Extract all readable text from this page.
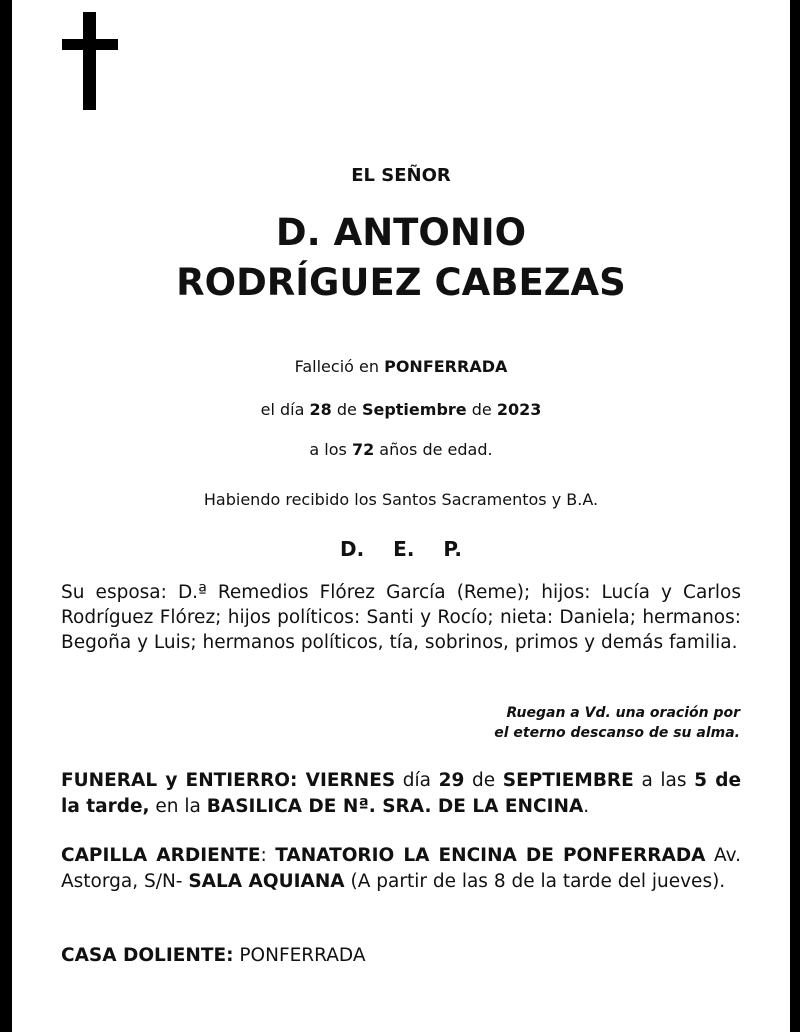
EL SEÑOR
D. ANTONIO
RODRÍGUEZ CABEZAS
Falleció en PONFERRADA
el día 28 de Septiembre de 2023
a los 72 años de edad.
Habiendo recibido los Santos Sacramentos y B.A.
D. E. P.
Su esposa: D.ª Remedios Flórez García (Reme); hijos: Lucía y Carlos Rodríguez Flórez; hijos políticos: Santi y Rocío; nieta: Daniela; hermanos: Begoña y Luis; hermanos políticos, tía, sobrinos, primos y demás familia.
Ruegan a Vd. una oración por
el eterno descanso de su alma.
FUNERAL y ENTIERRO: VIERNES día 29 de SEPTIEMBRE a las 5 de la tarde, en la BASILICA DE Nª. SRA. DE LA ENCINA.
CAPILLA ARDIENTE: TANATORIO LA ENCINA DE PONFERRADA Av. Astorga, S/N- SALA AQUIANA (A partir de las 8 de la tarde del jueves).
CASA DOLIENTE: PONFERRADA
